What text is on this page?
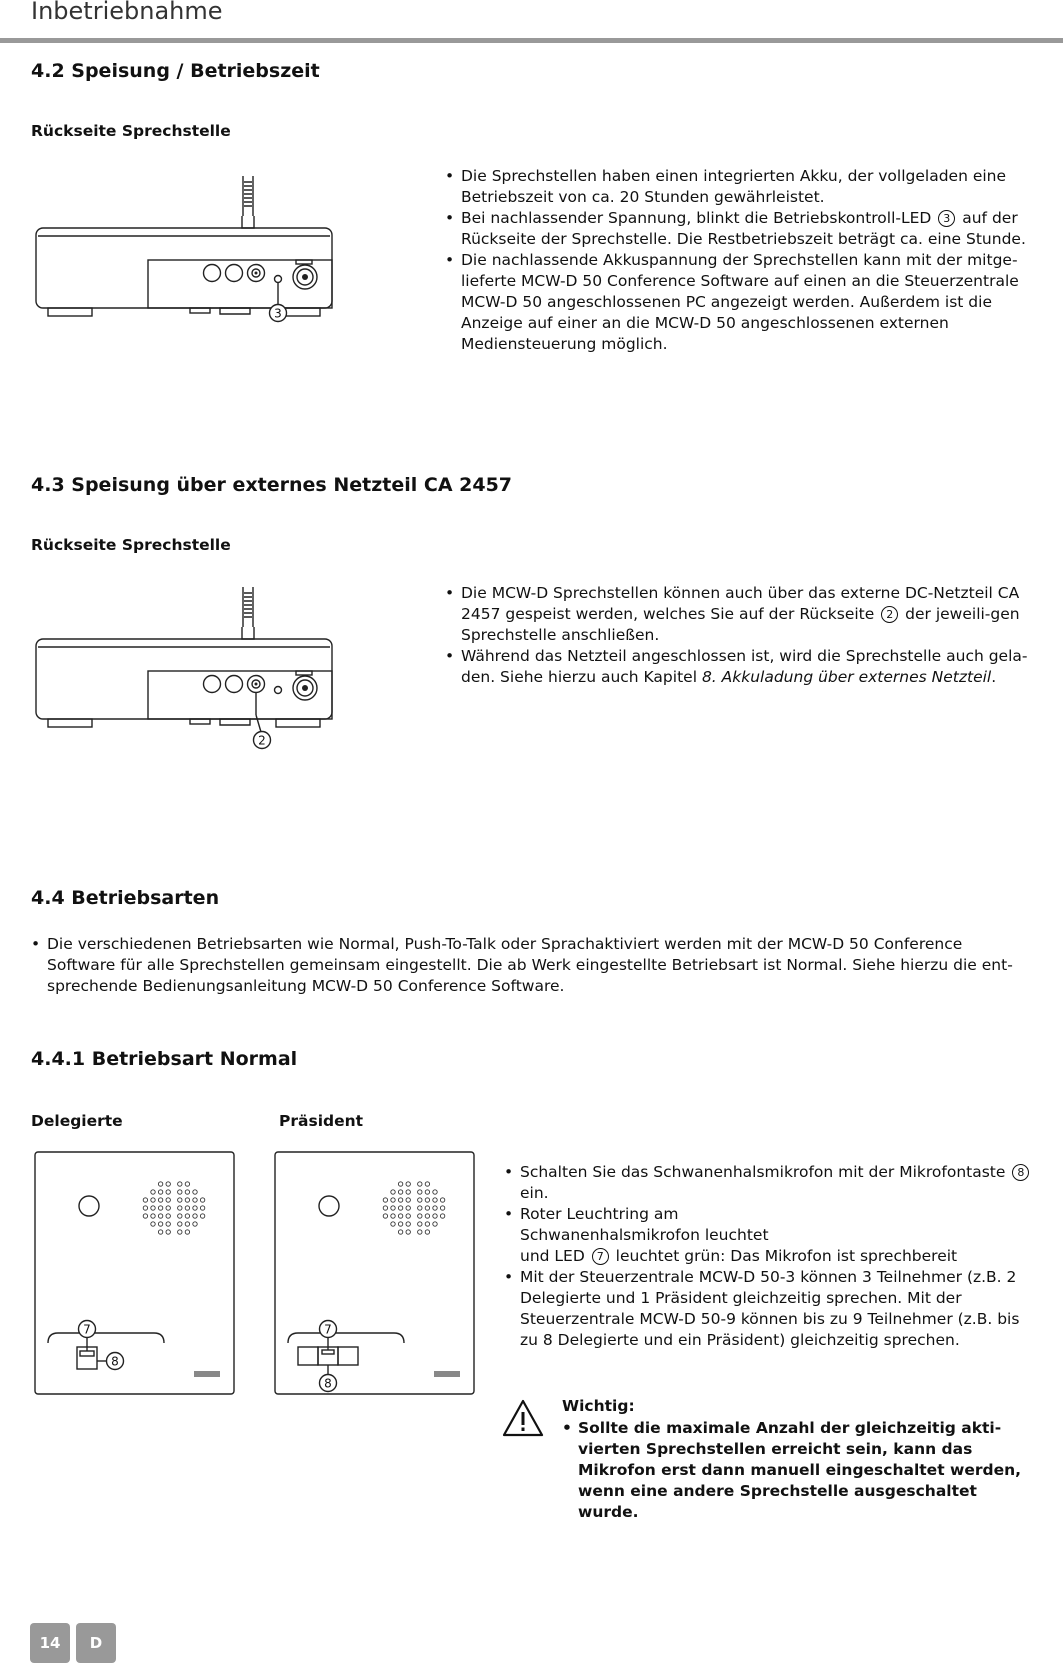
Inbetriebnahme
4.2 Speisung / Betriebszeit
Rückseite Sprechstelle
3
• Die Sprechstellen haben einen integrierten Akku, der vollgeladen eine Betriebszeit von ca. 20 Stunden gewährleistet.
• Bei nachlassender Spannung, blinkt die Betriebskontroll-LED 3 auf der Rückseite der Sprechstelle. Die Restbetriebszeit beträgt ca. eine Stunde.
• Die nachlassende Akkuspannung der Sprechstellen kann mit der mitge-lieferte MCW-D 50 Conference Software auf einen an die Steuerzentrale MCW-D 50 angeschlossenen PC angezeigt werden. Außerdem ist die Anzeige auf einer an die MCW-D 50 angeschlossenen externen Mediensteuerung möglich.
4.3 Speisung über externes Netzteil CA 2457
Rückseite Sprechstelle
2
• Die MCW-D Sprechstellen können auch über das externe DC-Netzteil CA 2457 gespeist werden, welches Sie auf der Rückseite 2 der jeweili-gen Sprechstelle anschließen.
• Während das Netzteil angeschlossen ist, wird die Sprechstelle auch gela-den. Siehe hierzu auch Kapitel 8. Akkuladung über externes Netzteil.
4.4 Betriebsarten
• Die verschiedenen Betriebsarten wie Normal, Push-To-Talk oder Sprachaktiviert werden mit der MCW-D 50 Conference Software für alle Sprechstellen gemeinsam eingestellt. Die ab Werk eingestellte Betriebsart ist Normal. Siehe hierzu die ent-sprechende Bedienungsanleitung MCW-D 50 Conference Software.
4.4.1 Betriebsart Normal
Delegierte	Präsident
7
8
7
8
• Schalten Sie das Schwanenhalsmikrofon mit der Mikrofontaste 8 ein.
• Roter Leuchtring am
Schwanenhalsmikrofon leuchtet
und LED 7 leuchtet grün: Das Mikrofon ist sprechbereit
• Mit der Steuerzentrale MCW-D 50-3 können 3 Teilnehmer (z.B. 2 Delegierte und 1 Präsident gleichzeitig sprechen. Mit der Steuerzentrale MCW-D 50-9 können bis zu 9 Teilnehmer (z.B. bis zu 8 Delegierte und ein Präsident) gleichzeitig sprechen.
Wichtig:
• Sollte die maximale Anzahl der gleichzeitig akti-vierten Sprechstellen erreicht sein, kann das Mikrofon erst dann manuell eingeschaltet werden, wenn eine andere Sprechstelle ausgeschaltet wurde.
14	D
